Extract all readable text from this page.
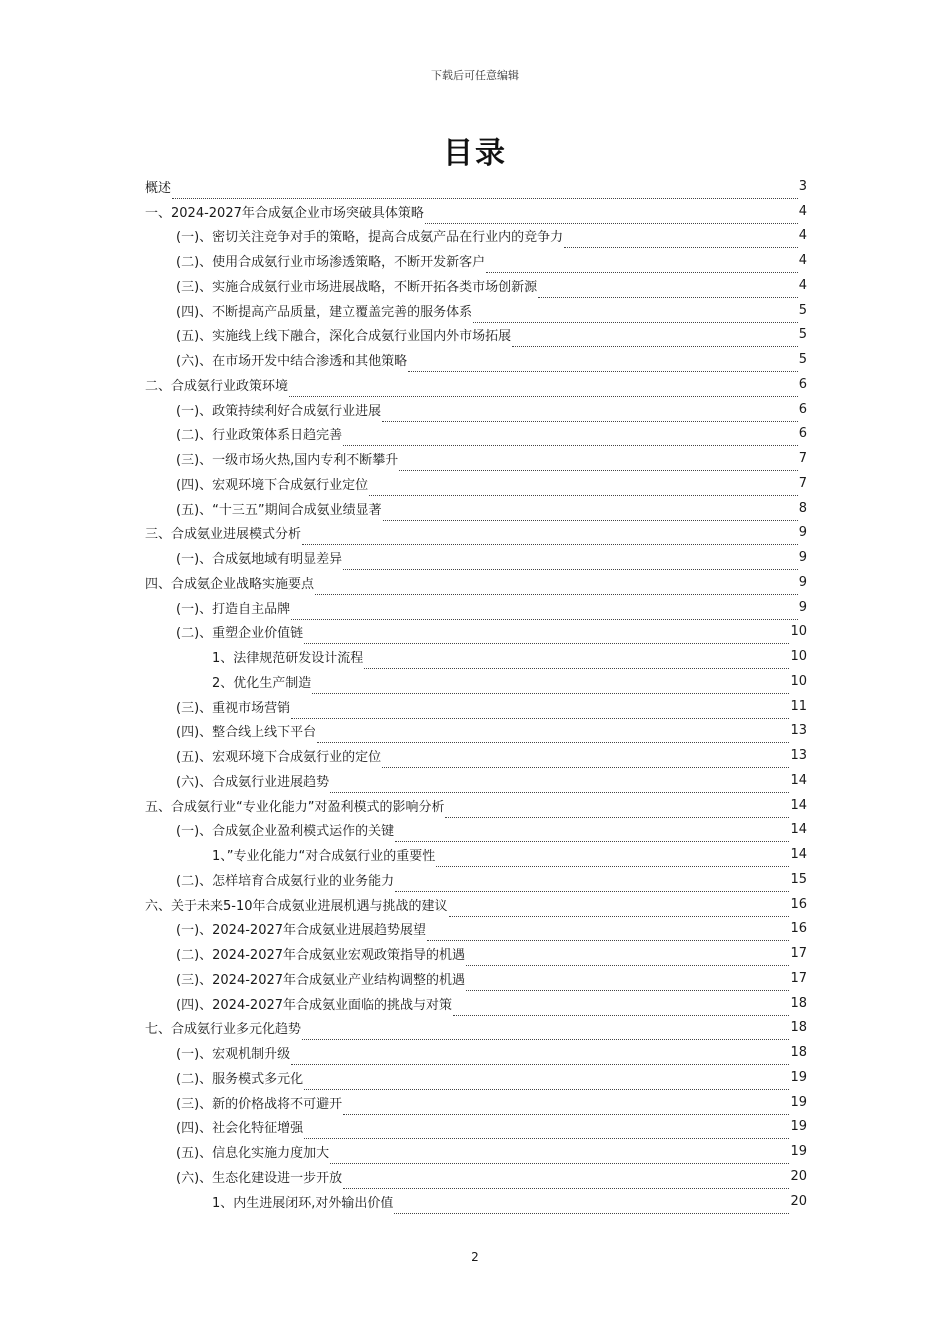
下载后可任意编辑
目录
概述	3
一、2024-2027年合成氨企业市场突破具体策略	4
(一)、密切关注竞争对手的策略，提高合成氨产品在行业内的竞争力	4
(二)、使用合成氨行业市场渗透策略，不断开发新客户	4
(三)、实施合成氨行业市场进展战略，不断开拓各类市场创新源	4
(四)、不断提高产品质量，建立覆盖完善的服务体系	5
(五)、实施线上线下融合，深化合成氨行业国内外市场拓展	5
(六)、在市场开发中结合渗透和其他策略	5
二、合成氨行业政策环境	6
(一)、政策持续利好合成氨行业进展	6
(二)、行业政策体系日趋完善	6
(三)、一级市场火热,国内专利不断攀升	7
(四)、宏观环境下合成氨行业定位	7
(五)、“十三五”期间合成氨业绩显著	8
三、合成氨业进展模式分析	9
(一)、合成氨地域有明显差异	9
四、合成氨企业战略实施要点	9
(一)、打造自主品牌	9
(二)、重塑企业价值链	10
1、法律规范研发设计流程	10
2、优化生产制造	10
(三)、重视市场营销	11
(四)、整合线上线下平台	13
(五)、宏观环境下合成氨行业的定位	13
(六)、合成氨行业进展趋势	14
五、合成氨行业“专业化能力”对盈利模式的影响分析	14
(一)、合成氨企业盈利模式运作的关键	14
1、”专业化能力“对合成氨行业的重要性	14
(二)、怎样培育合成氨行业的业务能力	15
六、关于未来5-10年合成氨业进展机遇与挑战的建议	16
(一)、2024-2027年合成氨业进展趋势展望	16
(二)、2024-2027年合成氨业宏观政策指导的机遇	17
(三)、2024-2027年合成氨业产业结构调整的机遇	17
(四)、2024-2027年合成氨业面临的挑战与对策	18
七、合成氨行业多元化趋势	18
(一)、宏观机制升级	18
(二)、服务模式多元化	19
(三)、新的价格战将不可避开	19
(四)、社会化特征增强	19
(五)、信息化实施力度加大	19
(六)、生态化建设进一步开放	20
1、内生进展闭环,对外输出价值	20
2
